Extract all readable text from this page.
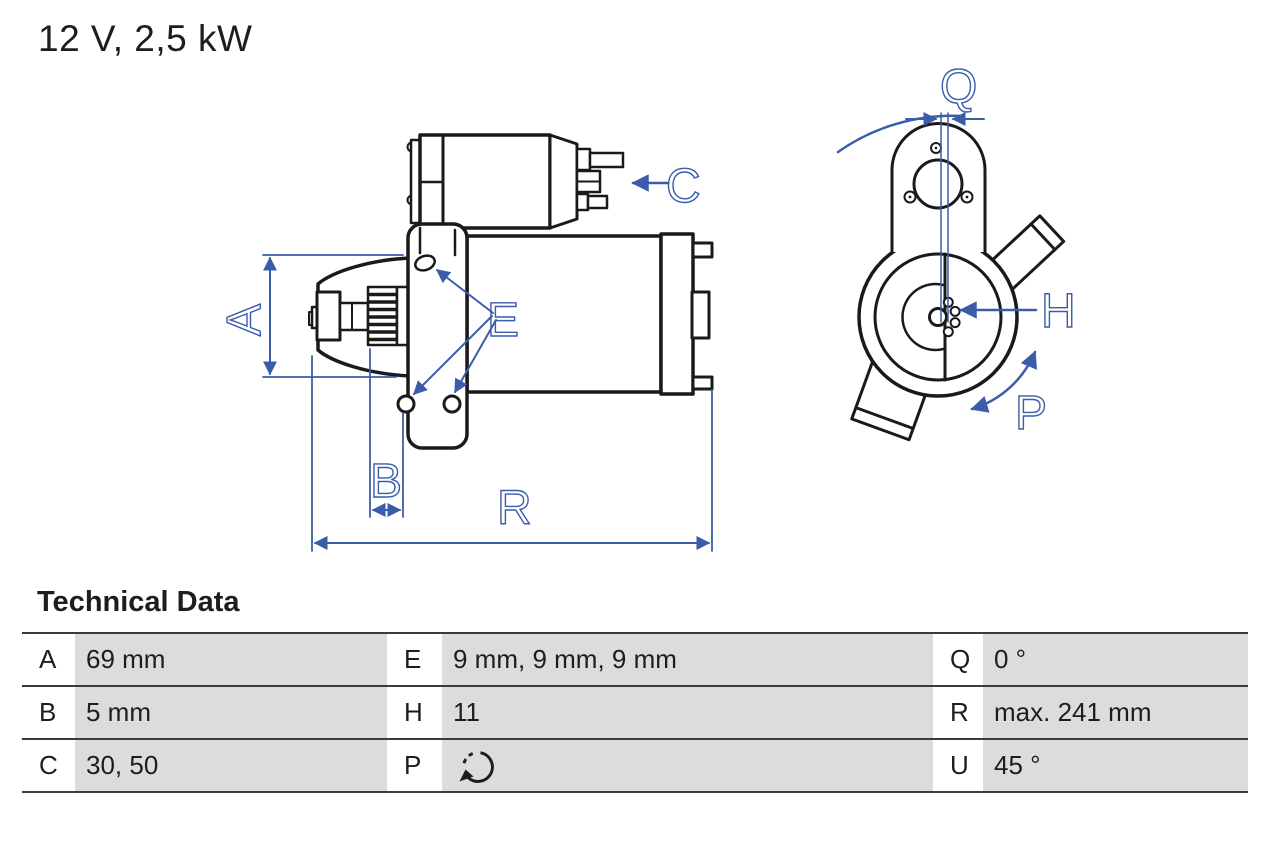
A
B
C
E
R
Q
H
P
12 V, 2,5 kW
Technical Data
A	69 mm	E	9 mm, 9 mm, 9 mm	Q 0 °
B	5 mm	H	11	R max. 241 mm
C	30, 50	P	U 45 °
